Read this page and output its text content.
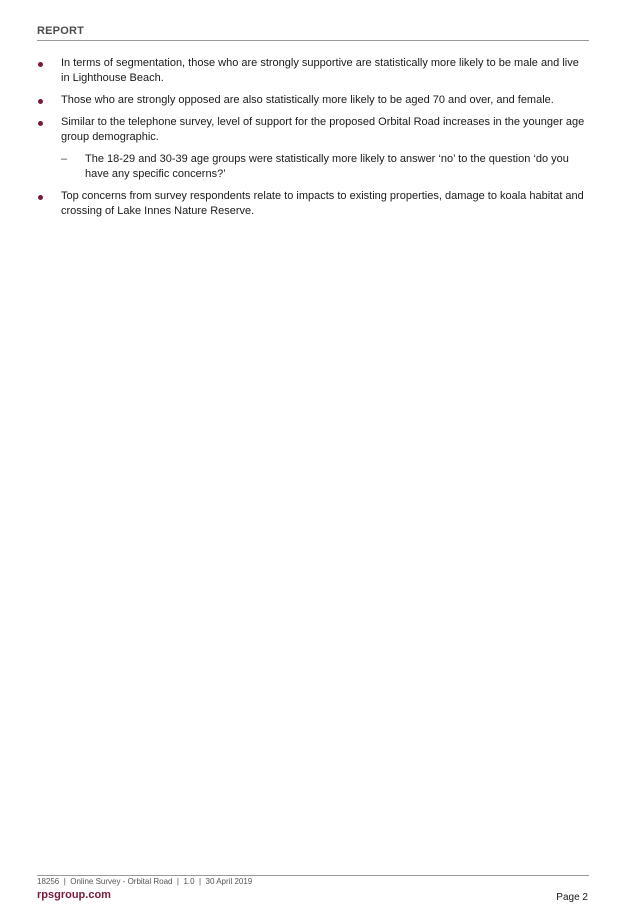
REPORT
In terms of segmentation, those who are strongly supportive are statistically more likely to be male and live in Lighthouse Beach.
Those who are strongly opposed are also statistically more likely to be aged 70 and over, and female.
Similar to the telephone survey, level of support for the proposed Orbital Road increases in the younger age group demographic.
– The 18-29 and 30-39 age groups were statistically more likely to answer ‘no’ to the question ‘do you have any specific concerns?’
Top concerns from survey respondents relate to impacts to existing properties, damage to koala habitat and crossing of Lake Innes Nature Reserve.
18256  |  Online Survey - Orbital Road  |  1.0  |  30 April 2019
rpsgroup.com	Page 2
